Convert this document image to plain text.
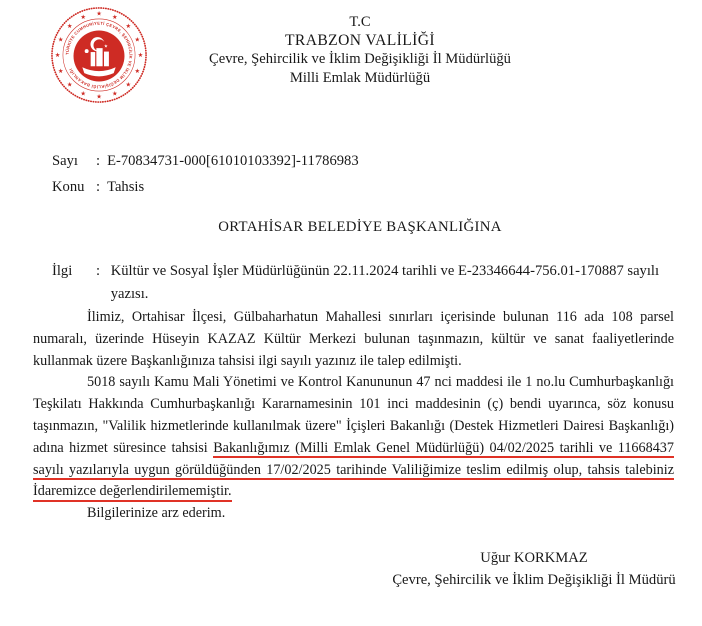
★ ★
★
★
★
★
★
★
★
★
★
★
★
★
★
★
TÜRKİYE CUMHURİYETİ ÇEVRE, ŞEHİRCİLİK VE İKLİM DEĞİŞİKLİĞİ BAKANLIĞI
★
T.C
TRABZON VALİLİĞİ
Çevre, Şehircilik ve İklim Değişikliği İl Müdürlüğü
Milli Emlak Müdürlüğü
Sayı : E-70834731-000[61010103392]-11786983
Konu : Tahsis
ORTAHİSAR BELEDİYE BAŞKANLIĞINA
İlgi	:
Kültür ve Sosyal İşler Müdürlüğünün 22.11.2024 tarihli ve E-23346644-756.01-170887 sayılı yazısı.

İlimiz, Ortahisar İlçesi, Gülbaharhatun Mahallesi sınırları içerisinde bulunan 116 ada 108 parsel numaralı, üzerinde Hüseyin KAZAZ Kültür Merkezi bulunan taşınmazın, kültür ve sanat faaliyetlerinde kullanmak üzere Başkanlığınıza tahsisi ilgi sayılı yazınız ile talep edilmişti.

5018 sayılı Kamu Mali Yönetimi ve Kontrol Kanununun 47 nci maddesi ile 1 no.lu Cumhurbaşkanlığı Teşkilatı Hakkında Cumhurbaşkanlığı Kararnamesinin 101 inci maddesinin (ç) bendi uyarınca, söz konusu taşınmazın, "Valilik hizmetlerinde kullanılmak üzere" İçişleri Bakanlığı (Destek Hizmetleri Dairesi Başkanlığı) adına hizmet süresince tahsisi Bakanlığımız (Milli Emlak Genel Müdürlüğü) 04/02/2025 tarihli ve 11668437 sayılı yazılarıyla uygun görüldüğünden 17/02/2025 tarihinde Valiliğimize teslim edilmiş olup, tahsis talebiniz İdaremizce değerlendirilememiştir.

Bilgilerinize arz ederim.

Uğur KORKMAZ
Çevre, Şehircilik ve İklim Değişikliği İl Müdürü
